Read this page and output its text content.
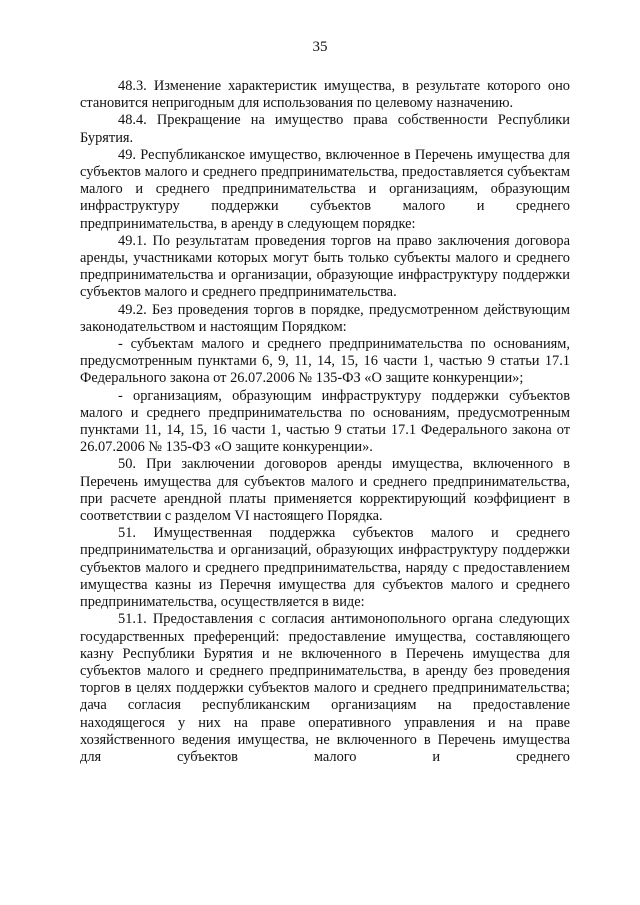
35

48.3. Изменение характеристик имущества, в результате которого оно становится непригодным для использования по целевому назначению.

48.4. Прекращение на имущество права собственности Республики Бурятия.

49. Республиканское имущество, включенное в Перечень имущества для субъектов малого и среднего предпринимательства, предоставляется субъектам малого и среднего предпринимательства и организациям, образующим инфраструктуру поддержки субъектов малого и среднего предпринимательства, в аренду в следующем порядке:

49.1. По результатам проведения торгов на право заключения договора аренды, участниками которых могут быть только субъекты малого и среднего предпринимательства и организации, образующие инфраструктуру поддержки субъектов малого и среднего предпринимательства.

49.2. Без проведения торгов в порядке, предусмотренном действующим законодательством и настоящим Порядком:

- субъектам малого и среднего предпринимательства по основаниям, предусмотренным пунктами 6, 9, 11, 14, 15, 16 части 1, частью 9 статьи 17.1 Федерального закона от 26.07.2006 № 135-ФЗ «О защите конкуренции»;

- организациям, образующим инфраструктуру поддержки субъектов малого и среднего предпринимательства по основаниям, предусмотренным пунктами 11, 14, 15, 16 части 1, частью 9 статьи 17.1 Федерального закона от 26.07.2006 № 135-ФЗ «О защите конкуренции».

50. При заключении договоров аренды имущества, включенного в Перечень имущества для субъектов малого и среднего предпринимательства, при расчете арендной платы применяется корректирующий коэффициент в соответствии с разделом VI настоящего Порядка.

51. Имущественная поддержка субъектов малого и среднего предпринимательства и организаций, образующих инфраструктуру поддержки субъектов малого и среднего предпринимательства, наряду с предоставлением имущества казны из Перечня имущества для субъектов малого и среднего предпринимательства, осуществляется в виде:

51.1. Предоставления с согласия антимонопольного органа следующих государственных преференций: предоставление имущества, составляющего казну Республики Бурятия и не включенного в Перечень имущества для субъектов малого и среднего предпринимательства, в аренду без проведения торгов в целях поддержки субъектов малого и среднего предпринимательства; дача согласия республиканским организациям на предоставление находящегося у них на праве оперативного управления и на праве хозяйственного ведения имущества, не включенного в Перечень имущества для субъектов малого и среднего
